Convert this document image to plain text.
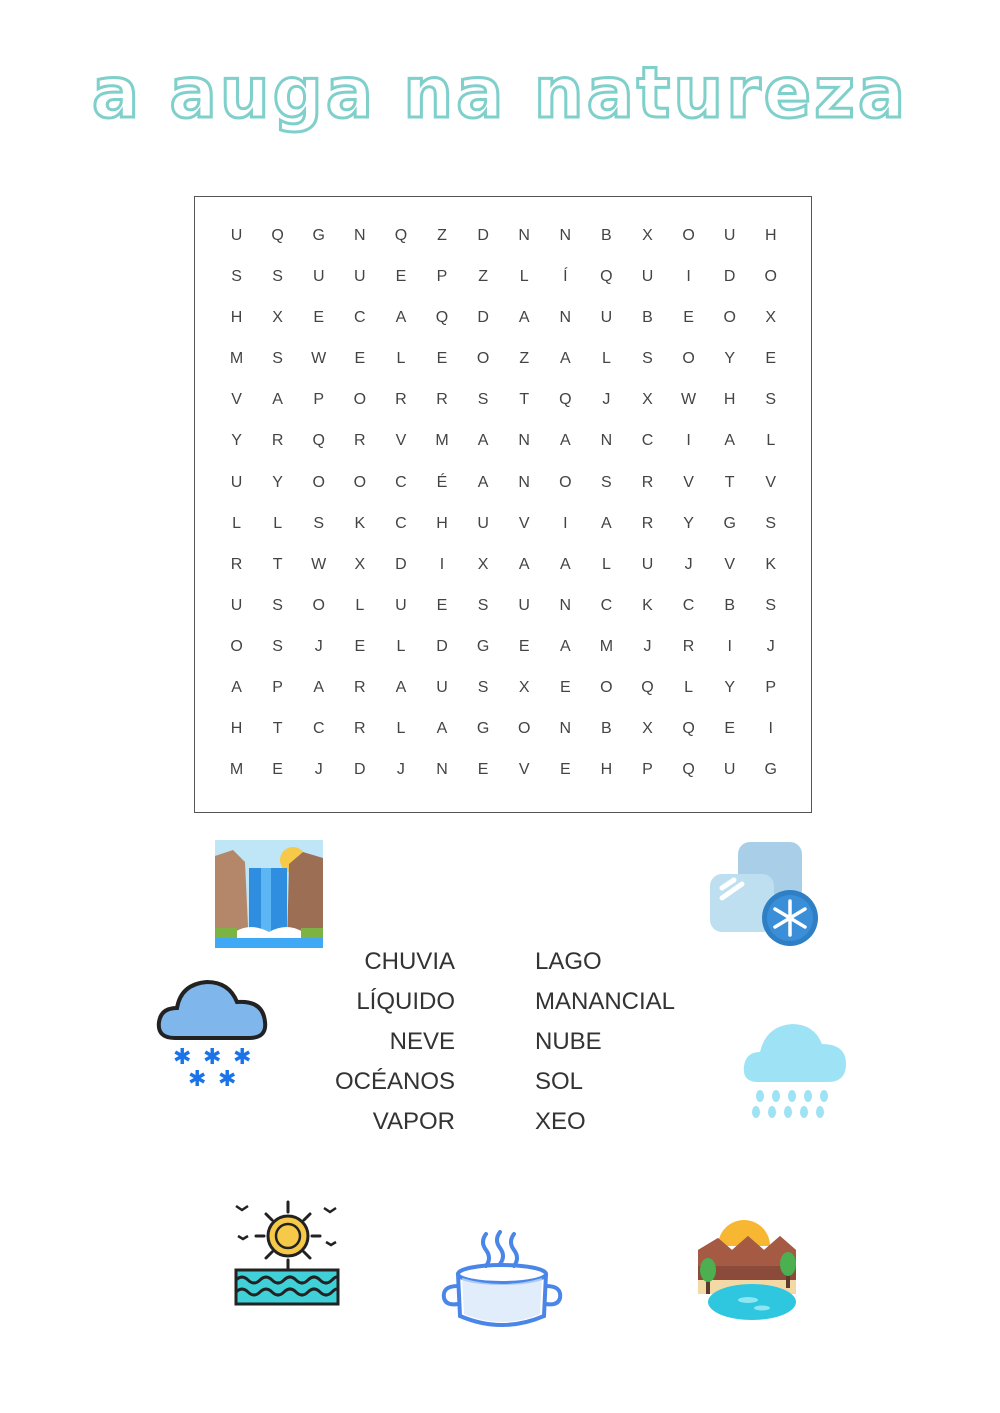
a auga na natureza
U	Q	G	N	Q	Z	D	N	N	B	X	O	U	H
S	S	U	U	E	P	Z	L	Í	Q	U	I	D	O
H	X	E	C	A	Q	D	A	N	U	B	E	O	X
M	S	W	E	L	E	O	Z	A	L	S	O	Y	E
V	A	P	O	R	R	S	T	Q	J	X	W	H	S
Y	R	Q	R	V	M	A	N	A	N	C	I	A	L
U	Y	O	O	C	É	A	N	O	S	R	V	T	V
L	L	S	K	C	H	U	V	I	A	R	Y	G	S
R	T	W	X	D	I	X	A	A	L	U	J	V	K
U	S	O	L	U	E	S	U	N	C	K	C	B	S
O	S	J	E	L	D	G	E	A	M	J	R	I	J
A	P	A	R	A	U	S	X	E	O	Q	L	Y	P
H	T	C	R	L	A	G	O	N	B	X	Q	E	I
M	E	J	D	J	N	E	V	E	H	P	Q	U	G
✱ ✱ ✱
✱ ✱
CHUVIA
LÍQUIDO
NEVE
OCÉANOS
VAPOR
LAGO
MANANCIAL
NUBE
SOL
XEO
